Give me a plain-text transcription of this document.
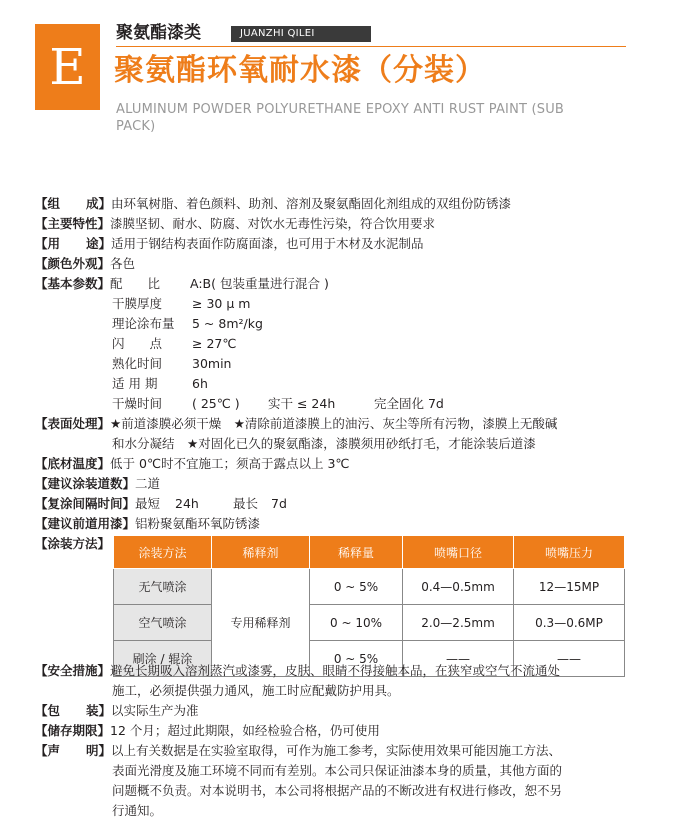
E
聚氨酯漆类	JUANZHI QILEI
聚氨酯环氧耐水漆（分装）
ALUMINUM POWDER POLYURETHANE EPOXY ANTI RUST PAINT (SUB PACK)
【组 成】 由环氧树脂、着色颜料、助剂、溶剂及聚氨酯固化剂组成的双组份防锈漆
【主要特性】漆膜坚韧、耐水、防腐、对饮水无毒性污染，符合饮用要求
【用 途】 适用于钢结构表面作防腐面漆，也可用于木材及水泥制品
【颜色外观】各色
【基本参数】配　　比 A:B( 包装重量进行混合 )
干膜厚度 ≥ 30 μ m
理论涂布量 5 ~ 8m²/kg
闪　　点 ≥ 27℃
熟化时间 30min
适 用 期	6h
干燥时间 ( 25℃ ) 实干 ≤ 24h	完全固化 7d
【表面处理】★前道漆膜必须干燥　★清除前道漆膜上的油污、灰尘等所有污物，漆膜上无酸碱
和水分凝结　★对固化已久的聚氨酯漆，漆膜须用砂纸打毛，才能涂装后道漆
【底材温度】低于 0℃时不宜施工；须高于露点以上 3℃
【建议涂装道数】二道
【复涂间隔时间】最短 24h	最长 7d
【建议前道用漆】铝粉聚氨酯环氧防锈漆
【涂装方法】
涂装方法	稀释剂	稀释量	喷嘴口径	喷嘴压力
无气喷涂	专用稀释剂	0 ~ 5%	0.4—0.5mm	12—15MP
空气喷涂		0 ~ 10%	2.0—2.5mm	0.3—0.6MP
刷涂 / 辊涂		0 ~ 5%	——	——
【安全措施】避免长期吸入溶剂蒸汽或漆雾，皮肤、眼睛不得接触本品，在狭窄或空气不流通处
施工，必须提供强力通风，施工时应配戴防护用具。
【包 装】 以实际生产为准
【储存期限】12 个月；超过此期限，如经检验合格，仍可使用
【声 明】 以上有关数据是在实验室取得，可作为施工参考，实际使用效果可能因施工方法、
表面光滑度及施工环境不同而有差别。本公司只保证油漆本身的质量，其他方面的
问题概不负责。对本说明书，本公司将根据产品的不断改进有权进行修改，恕不另
行通知。
